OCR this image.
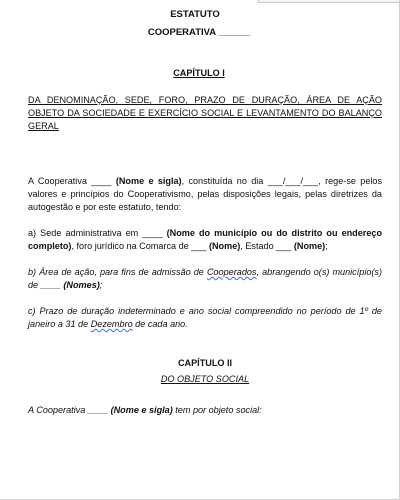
ESTATUTO

COOPERATIVA ______

CAPÍTULO I

DA DENOMINAÇÃO, SEDE, FORO, PRAZO DE DURAÇÃO, ÁREA DE AÇÃO OBJETO DA SOCIEDADE E EXERCÍCIO SOCIAL E LEVANTAMENTO DO BALANÇO GERAL

A Cooperativa ____ (Nome e sigla), constituída no dia ___/___/___, rege-se pelos valores e princípios do Cooperativismo, pelas disposições legais, pelas diretrizes da autogestão e por este estatuto, tendo:

a) Sede administrativa em ____ (Nome do município ou do distrito ou endereço completo), foro jurídico na Comarca de ___ (Nome), Estado ___ (Nome);

b) Área de ação, para fins de admissão de Cooperados, abrangendo o(s) município(s) de ____ (Nomes);

c) Prazo de duração indeterminado e ano social compreendido no período de 1º de janeiro a 31 de Dezembro de cada ano.

CAPÍTULO II

DO OBJETO SOCIAL

A Cooperativa ____ (Nome e sigla) tem por objeto social:
